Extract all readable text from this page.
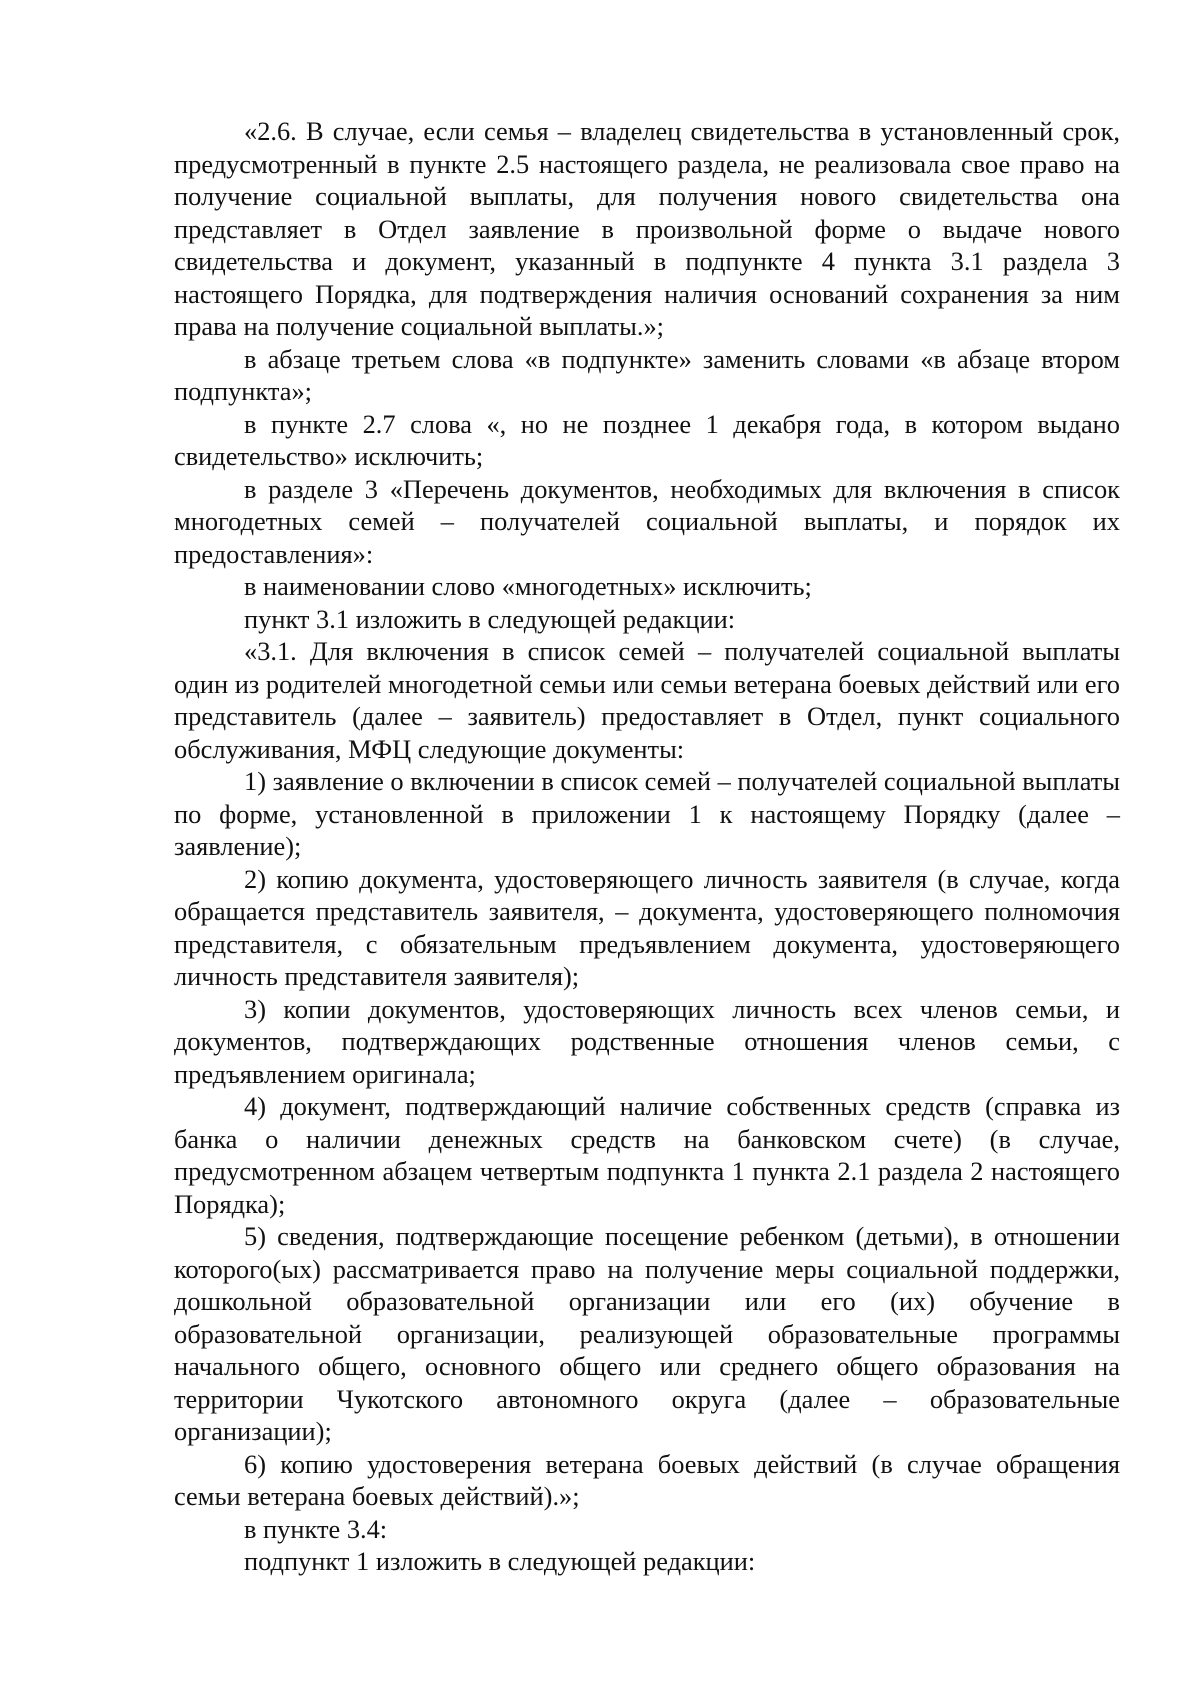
«2.6. В случае, если семья – владелец свидетельства в установленный срок, предусмотренный в пункте 2.5 настоящего раздела, не реализовала свое право на получение социальной выплаты, для получения нового свидетельства она представляет в Отдел заявление в произвольной форме о выдаче нового свидетельства и документ, указанный в подпункте 4 пункта 3.1 раздела 3 настоящего Порядка, для подтверждения наличия оснований сохранения за ним права на получение социальной выплаты.»;

в абзаце третьем слова «в подпункте» заменить словами «в абзаце втором подпункта»;

в пункте 2.7 слова «, но не позднее 1 декабря года, в котором выдано свидетельство» исключить;

в разделе 3 «Перечень документов, необходимых для включения в список многодетных семей – получателей социальной выплаты, и порядок их предоставления»:

в наименовании слово «многодетных» исключить;

пункт 3.1 изложить в следующей редакции:

«3.1. Для включения в список семей – получателей социальной выплаты один из родителей многодетной семьи или семьи ветерана боевых действий или его представитель (далее – заявитель) предоставляет в Отдел, пункт социального обслуживания, МФЦ следующие документы:

1) заявление о включении в список семей – получателей социальной выплаты по форме, установленной в приложении 1 к настоящему Порядку (далее – заявление);

2) копию документа, удостоверяющего личность заявителя (в случае, когда обращается представитель заявителя, – документа, удостоверяющего полномочия представителя, с обязательным предъявлением документа, удостоверяющего личность представителя заявителя);

3) копии документов, удостоверяющих личность всех членов семьи, и документов, подтверждающих родственные отношения членов семьи, с предъявлением оригинала;

4) документ, подтверждающий наличие собственных средств (справка из банка о наличии денежных средств на банковском счете) (в случае, предусмотренном абзацем четвертым подпункта 1 пункта 2.1 раздела 2 настоящего Порядка);

5) сведения, подтверждающие посещение ребенком (детьми), в отношении которого(ых) рассматривается право на получение меры социальной поддержки, дошкольной образовательной организации или его (их) обучение в образовательной организации, реализующей образовательные программы начального общего, основного общего или среднего общего образования на территории Чукотского автономного округа (далее – образовательные организации);

6) копию удостоверения ветерана боевых действий (в случае обращения семьи ветерана боевых действий).»;

в пункте 3.4:

подпункт 1 изложить в следующей редакции:
